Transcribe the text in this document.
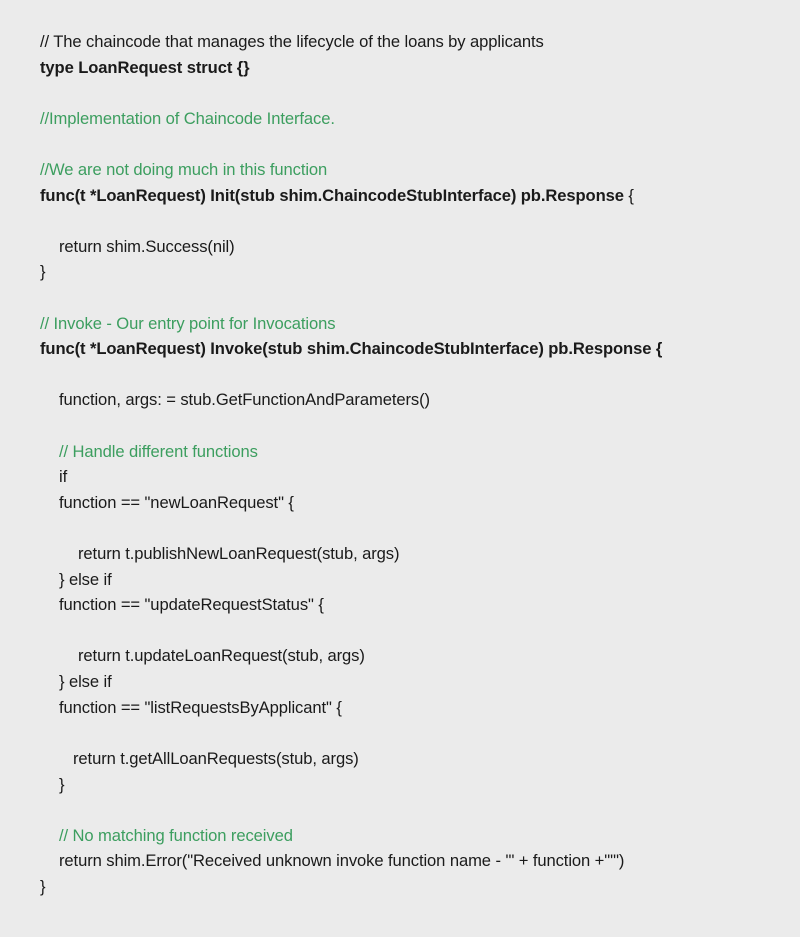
// The chaincode that manages the lifecycle of the loans by applicants
type LoanRequest struct {}
//Implementation of Chaincode Interface.
//We are not doing much in this function
func(t *LoanRequest) Init(stub shim.ChaincodeStubInterface) pb.Response {
return shim.Success(nil)
}
// Invoke - Our entry point for Invocations
func(t *LoanRequest) Invoke(stub shim.ChaincodeStubInterface) pb.Response {
function, args: = stub.GetFunctionAndParameters()
// Handle different functions
if
function == "newLoanRequest" {
return t.publishNewLoanRequest(stub, args)
} else if
function == "updateRequestStatus" {
return t.updateLoanRequest(stub, args)
} else if
function == "listRequestsByApplicant" {
return t.getAllLoanRequests(stub, args)
}
// No matching function received
return shim.Error("Received unknown invoke function name - '" + function +"'")
}
